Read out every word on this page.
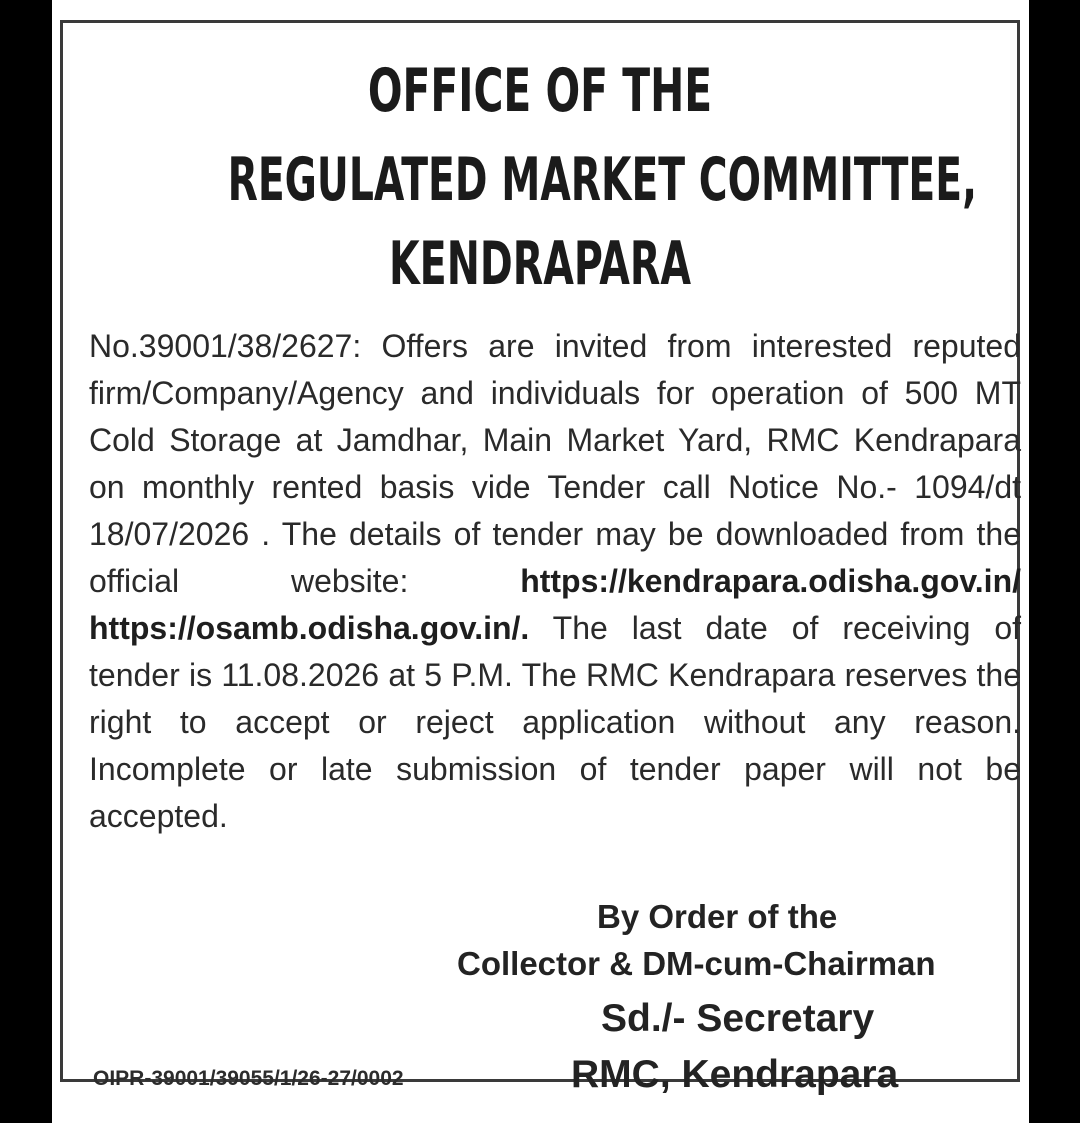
OFFICE OF THE
REGULATED MARKET COMMITTEE,
KENDRAPARA

No.39001/38/2627: Offers are invited from interested reputed firm/Company/Agency and individuals for operation of 500 MT Cold Storage at Jamdhar, Main Market Yard, RMC Kendrapara on monthly rented basis vide Tender call Notice No.- 1094/dt 18/07/2026 . The details of tender may be downloaded from the official website: https://kendrapara.odisha.gov.in/ https://osamb.odisha.gov.in/. The last date of receiving of tender is 11.08.2026 at 5 P.M. The RMC Kendrapara reserves the right to accept or reject application without any reason. Incomplete or late submission of tender paper will not be accepted.

By Order of the

Collector & DM-cum-Chairman

Sd./- Secretary

RMC, Kendrapara

OIPR-39001/39055/1/26-27/0002
